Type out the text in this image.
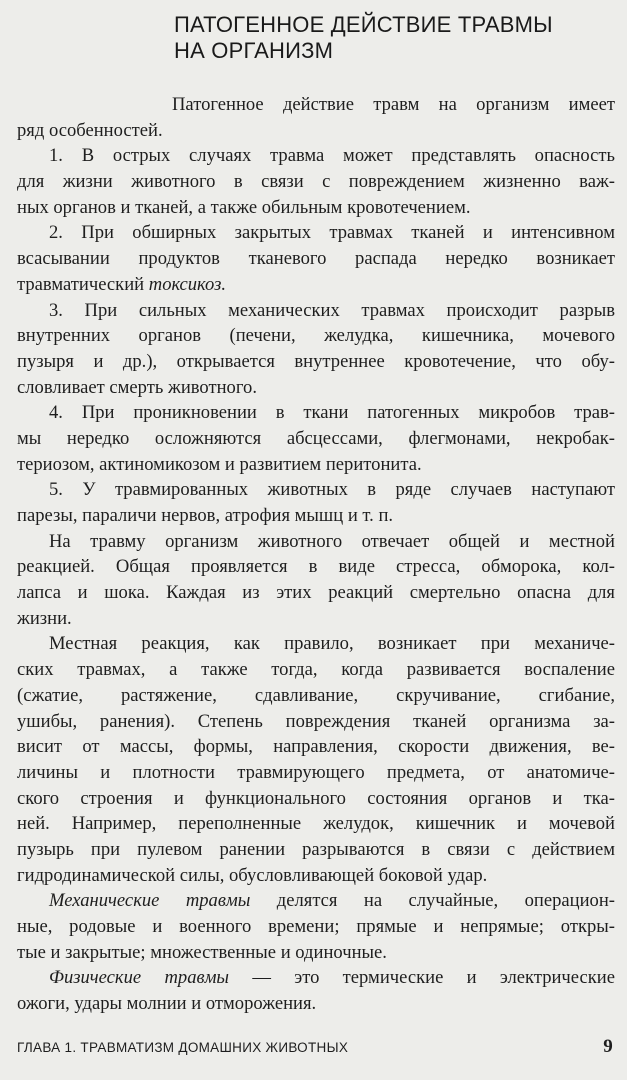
ПАТОГЕННОЕ ДЕЙСТВИЕ ТРАВМЫ
НА ОРГАНИЗМ
Патогенное действие травм на организм имеет
ряд особенностей.
1. В острых случаях травма может представлять опасность
для жизни животного в связи с повреждением жизненно важ-
ных органов и тканей, а также обильным кровотечением.
2. При обширных закрытых травмах тканей и интенсивном
всасывании продуктов тканевого распада нередко возникает
травматический токсикоз.
3. При сильных механических травмах происходит разрыв
внутренних органов (печени, желудка, кишечника, мочевого
пузыря и др.), открывается внутреннее кровотечение, что обу-
словливает смерть животного.
4. При проникновении в ткани патогенных микробов трав-
мы нередко осложняются абсцессами, флегмонами, некробак-
териозом, актиномикозом и развитием перитонита.
5. У травмированных животных в ряде случаев наступают
парезы, параличи нервов, атрофия мышц и т. п.
На травму организм животного отвечает общей и местной
реакцией. Общая проявляется в виде стресса, обморока, кол-
лапса и шока. Каждая из этих реакций смертельно опасна для
жизни.
Местная реакция, как правило, возникает при механиче-
ских травмах, а также тогда, когда развивается воспаление
(сжатие, растяжение, сдавливание, скручивание, сгибание,
ушибы, ранения). Степень повреждения тканей организма за-
висит от массы, формы, направления, скорости движения, ве-
личины и плотности травмирующего предмета, от анатомиче-
ского строения и функционального состояния органов и тка-
ней. Например, переполненные желудок, кишечник и мочевой
пузырь при пулевом ранении разрываются в связи с действием
гидродинамической силы, обусловливающей боковой удар.
Механические травмы делятся на случайные, операцион-
ные, родовые и военного времени; прямые и непрямые; откры-
тые и закрытые; множественные и одиночные.
Физические травмы — это термические и электрические
ожоги, удары молнии и отморожения.
ГЛАВА 1. ТРАВМАТИЗМ ДОМАШНИХ ЖИВОТНЫХ	9
